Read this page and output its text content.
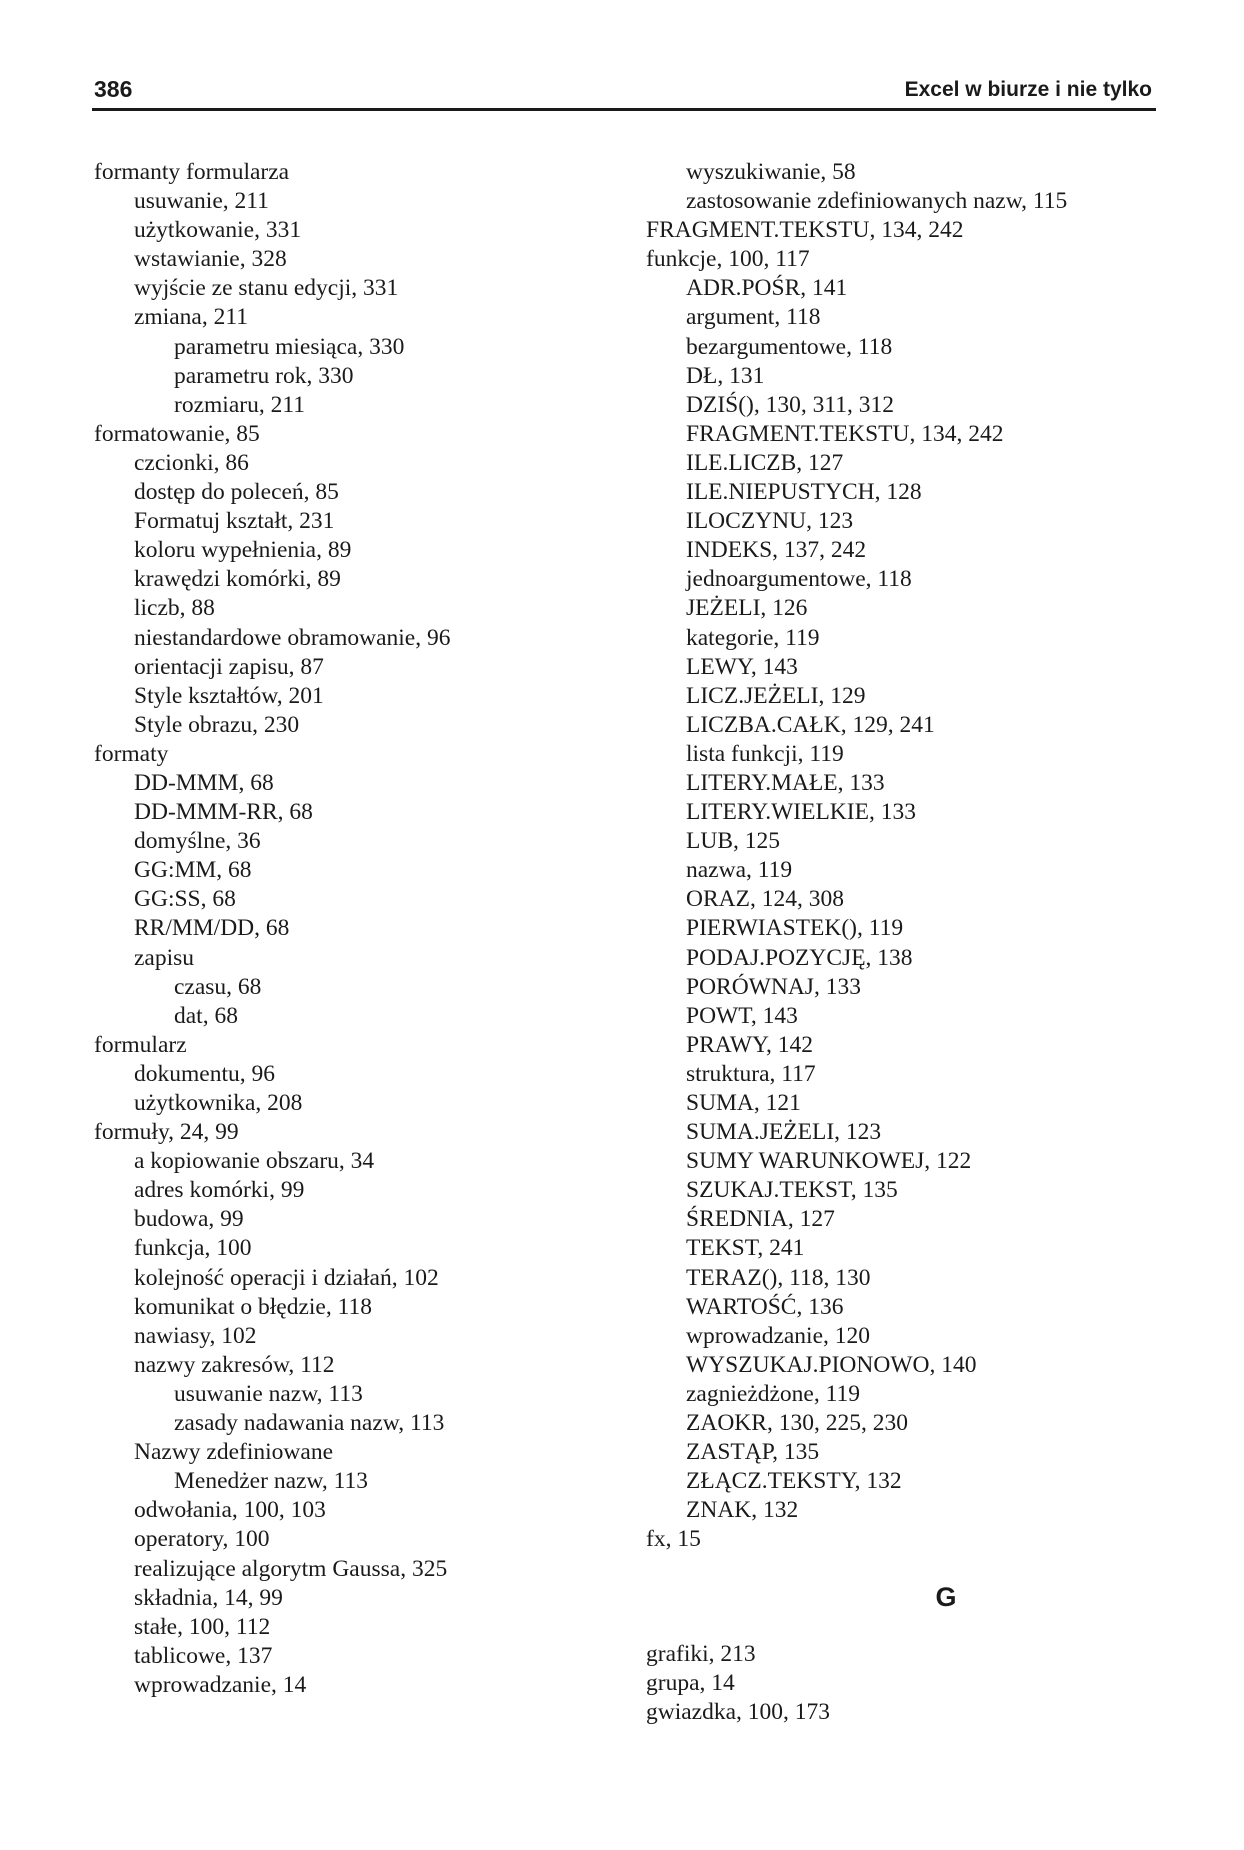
386	Excel w biurze i nie tylko
formanty formularza
usuwanie, 211
użytkowanie, 331
wstawianie, 328
wyjście ze stanu edycji, 331
zmiana, 211
parametru miesiąca, 330
parametru rok, 330
rozmiaru, 211
formatowanie, 85
czcionki, 86
dostęp do poleceń, 85
Formatuj kształt, 231
koloru wypełnienia, 89
krawędzi komórki, 89
liczb, 88
niestandardowe obramowanie, 96
orientacji zapisu, 87
Style kształtów, 201
Style obrazu, 230
formaty
DD-MMM, 68
DD-MMM-RR, 68
domyślne, 36
GG:MM, 68
GG:SS, 68
RR/MM/DD, 68
zapisu
czasu, 68
dat, 68
formularz
dokumentu, 96
użytkownika, 208
formuły, 24, 99
a kopiowanie obszaru, 34
adres komórki, 99
budowa, 99
funkcja, 100
kolejność operacji i działań, 102
komunikat o błędzie, 118
nawiasy, 102
nazwy zakresów, 112
usuwanie nazw, 113
zasady nadawania nazw, 113
Nazwy zdefiniowane
Menedżer nazw, 113
odwołania, 100, 103
operatory, 100
realizujące algorytm Gaussa, 325
składnia, 14, 99
stałe, 100, 112
tablicowe, 137
wprowadzanie, 14
wyszukiwanie, 58
zastosowanie zdefiniowanych nazw, 115
FRAGMENT.TEKSTU, 134, 242
funkcje, 100, 117
ADR.POŚR, 141
argument, 118
bezargumentowe, 118
DŁ, 131
DZIŚ(), 130, 311, 312
FRAGMENT.TEKSTU, 134, 242
ILE.LICZB, 127
ILE.NIEPUSTYCH, 128
ILOCZYNU, 123
INDEKS, 137, 242
jednoargumentowe, 118
JEŻELI, 126
kategorie, 119
LEWY, 143
LICZ.JEŻELI, 129
LICZBA.CAŁK, 129, 241
lista funkcji, 119
LITERY.MAŁE, 133
LITERY.WIELKIE, 133
LUB, 125
nazwa, 119
ORAZ, 124, 308
PIERWIASTEK(), 119
PODAJ.POZYCJĘ, 138
PORÓWNAJ, 133
POWT, 143
PRAWY, 142
struktura, 117
SUMA, 121
SUMA.JEŻELI, 123
SUMY WARUNKOWEJ, 122
SZUKAJ.TEKST, 135
ŚREDNIA, 127
TEKST, 241
TERAZ(), 118, 130
WARTOŚĆ, 136
wprowadzanie, 120
WYSZUKAJ.PIONOWO, 140
zagnieżdżone, 119
ZAOKR, 130, 225, 230
ZASTĄP, 135
ZŁĄCZ.TEKSTY, 132
ZNAK, 132
fx, 15
G
grafiki, 213
grupa, 14
gwiazdka, 100, 173
